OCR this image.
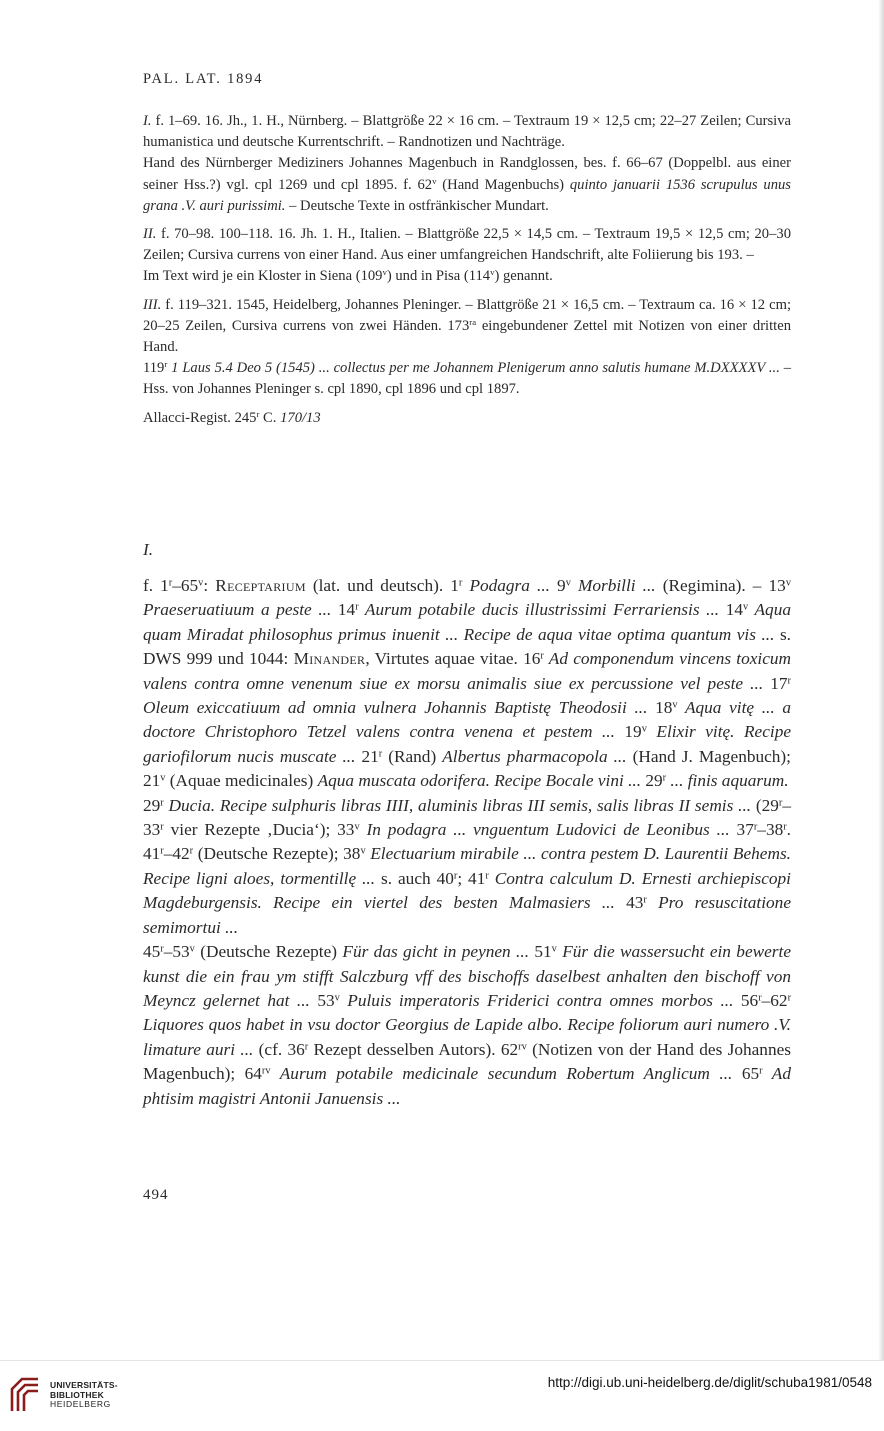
PAL. LAT. 1894

I. f. 1–69. 16. Jh., 1. H., Nürnberg. – Blattgröße 22 × 16 cm. – Textraum 19 × 12,5 cm; 22–27 Zeilen; Cursiva humanistica und deutsche Kurrentschrift. – Randnotizen und Nachträge.

Hand des Nürnberger Mediziners Johannes Magenbuch in Randglossen, bes. f. 66–67 (Doppelbl. aus einer seiner Hss.?) vgl. cpl 1269 und cpl 1895. f. 62$^v$ (Hand Magenbuchs) quinto januarii 1536 scrupulus unus grana .V. auri purissimi. – Deutsche Texte in ostfränkischer Mundart.

II. f. 70–98. 100–118. 16. Jh. 1. H., Italien. – Blattgröße 22,5 × 14,5 cm. – Textraum 19,5 × 12,5 cm; 20–30 Zeilen; Cursiva currens von einer Hand. Aus einer umfangreichen Handschrift, alte Foliierung bis 193. –

Im Text wird je ein Kloster in Siena (109$^v$) und in Pisa (114$^v$) genannt.

III. f. 119–321. 1545, Heidelberg, Johannes Pleninger. – Blattgröße 21 × 16,5 cm. – Textraum ca. 16 × 12 cm; 20–25 Zeilen, Cursiva currens von zwei Händen. $173^{ra}$ eingebundener Zettel mit Notizen von einer dritten Hand.

119$^r$ 1 Laus 5.4 Deo 5 (1545) ... collectus per me Johannem Plenigerum anno salutis humane M.DXXXXV ... – Hss. von Johannes Pleninger s. cpl 1890, cpl 1896 und cpl 1897.

Allacci-Regist. 245$^r$ C. 170/13

I.

f. 1$^r$–65$^v$: Receptarium (lat. und deutsch). 1$^r$ Podagra ... 9$^v$ Morbilli ... (Regimina). – 13$^v$ Praeseruatiuum a peste ... 14$^r$ Aurum potabile ducis illustrissimi Ferrariensis ... 14$^v$ Aqua quam Miradat philosophus primus inuenit ... Recipe de aqua vitae optima quantum vis ... s. DWS 999 und 1044: Minander, Virtutes aquae vitae. 16$^r$ Ad componendum vincens toxicum valens contra omne venenum siue ex morsu animalis siue ex percussione vel peste ... 17$^r$ Oleum exiccatiuum ad omnia vulnera Johannis Baptistę Theodosii ... 18$^v$ Aqua vitę ... a doctore Christophoro Tetzel valens contra venena et pestem ... 19$^v$ Elixir vitę. Recipe gariofilorum nucis muscate ... 21$^r$ (Rand) Albertus pharmacopola ... (Hand J. Magenbuch); 21$^v$ (Aquae medicinales) Aqua muscata odorifera. Recipe Bocale vini ... 29$^r$ ... finis aquarum.

29$^r$ Ducia. Recipe sulphuris libras IIII, aluminis libras III semis, salis libras II semis ... (29$^r$–33$^r$ vier Rezepte ‚Ducia‘); 33$^v$ In podagra ... vnguentum Ludovici de Leonibus ... 37$^r$–38$^r$. 41$^r$–42$^r$ (Deutsche Rezepte); 38$^v$ Electuarium mirabile ... contra pestem D. Laurentii Behems. Recipe ligni aloes, tormentillę ... s. auch 40$^r$; 41$^r$ Contra calculum D. Ernesti archiepiscopi Magdeburgensis. Recipe ein viertel des besten Malmasiers ... 43$^r$ Pro resuscitatione semimortui ...

45$^r$–53$^v$ (Deutsche Rezepte) Für das gicht in peynen ... 51$^v$ Für die wassersucht ein bewerte kunst die ein frau ym stifft Salczburg vff des bischoffs daselbest anhalten den bischoff von Meyncz gelernet hat ... 53$^v$ Puluis imperatoris Friderici contra omnes morbos ... 56$^r$–62$^r$ Liquores quos habet in vsu doctor Georgius de Lapide albo. Recipe foliorum auri numero .V. limature auri ... (cf. 36$^r$ Rezept desselben Autors). $62^{rv}$ (Notizen von der Hand des Johannes Magenbuch); $64^{rv}$ Aurum potabile medicinale secundum Robertum Anglicum ... 65$^r$ Ad phtisim magistri Antonii Januensis ...

494
UNIVERSITÄTS-
BIBLIOTHEK
HEIDELBERG
http://digi.ub.uni-heidelberg.de/diglit/schuba1981/0548
